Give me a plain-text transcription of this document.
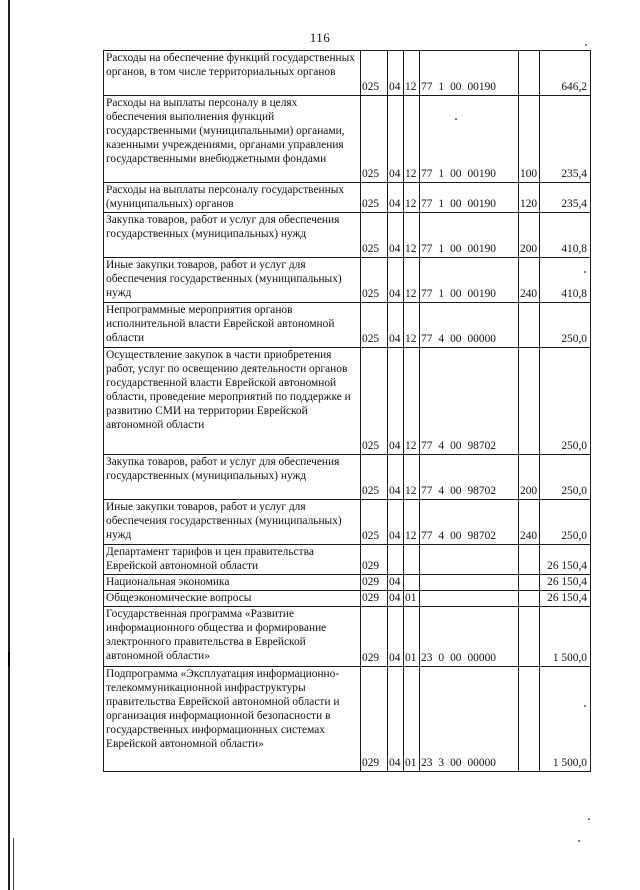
116
Расходы на обеспечение функций государственных органов, в том числе территориальных органов	025	04	12	77 1 00 00190		646,2
Расходы на выплаты персоналу в целях обеспечения выполнения функций государственными (муниципальными) органами, казенными учреждениями, органами управления государственными внебюджетными фондами	025	04	12	77 1 00 00190	100	235,4
Расходы на выплаты персоналу государственных (муниципальных) органов	025	04	12	77 1 00 00190	120	235,4
Закупка товаров, работ и услуг для обеспечения государственных (муниципальных) нужд	025	04	12	77 1 00 00190	200	410,8
Иные закупки товаров, работ и услуг для обеспечения государственных (муниципальных) нужд	025	04	12	77 1 00 00190	240	410,8
Непрограммные мероприятия органов исполнительной власти Еврейской автономной области	025	04	12	77 4 00 00000		250,0
Осуществление закупок в части приобретения работ, услуг по освещению деятельности органов государственной власти Еврейской автономной области, проведение мероприятий по поддержке и развитию СМИ на территории Еврейской автономной области	025	04	12	77 4 00 98702		250,0
Закупка товаров, работ и услуг для обеспечения государственных (муниципальных) нужд	025	04	12	77 4 00 98702	200	250,0
Иные закупки товаров, работ и услуг для обеспечения государственных (муниципальных) нужд	025	04	12	77 4 00 98702	240	250,0
Департамент тарифов и цен правительства Еврейской автономной области	029					26 150,4
Национальная экономика	029	04				26 150,4
Общеэкономические вопросы	029	04	01			26 150,4
Государственная программа «Развитие информационного общества и формирование электронного правительства в Еврейской автономной области»	029	04	01	23 0 00 00000		1 500,0
Подпрограмма «Эксплуатация информационно-телекоммуникационной инфраструктуры правительства Еврейской автономной области и организация информационной безопасности в государственных информационных системах Еврейской автономной области»	029	04	01	23 3 00 00000		1 500,0
